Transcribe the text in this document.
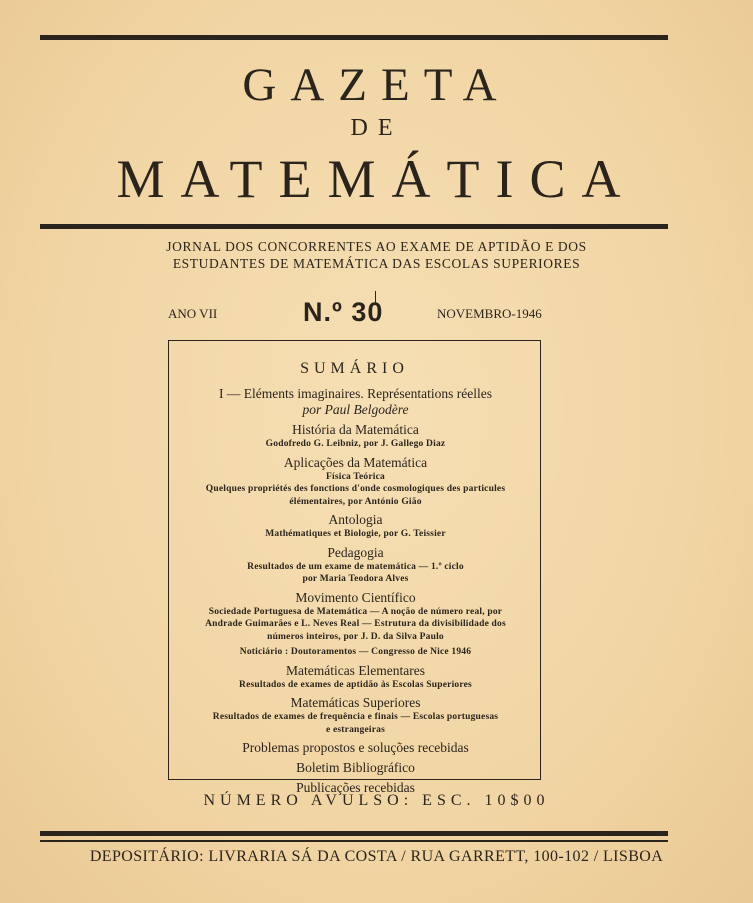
GAZETA
DE
MATEMÁTICA
JORNAL DOS CONCORRENTES AO EXAME DE APTIDÃO E DOS
ESTUDANTES DE MATEMÁTICA DAS ESCOLAS SUPERIORES
ANO VII	N.º 30	NOVEMBRO-1946
SUMÁRIO
I — Eléments imaginaires. Représentations réelles
por Paul Belgodère
História da Matemática
Godofredo G. Leibniz, por J. Gallego Diaz
Aplicações da Matemática
Física Teórica
Quelques propriétés des fonctions d'onde cosmologiques des particules
élémentaires, por António Gião
Antologia
Mathématiques et Biologie, por G. Teissier
Pedagogia
Resultados de um exame de matemática — 1.º ciclo
por Maria Teodora Alves
Movimento Científico
Sociedade Portuguesa de Matemática — A noção de número real, por
Andrade Guimarães e L. Neves Real — Estrutura da divisibilidade dos
números inteiros, por J. D. da Silva Paulo
Noticiário : Doutoramentos — Congresso de Nice 1946
Matemáticas Elementares
Resultados de exames de aptidão às Escolas Superiores
Matemáticas Superiores
Resultados de exames de frequência e finais — Escolas portuguesas
e estrangeiras
Problemas propostos e soluções recebidas
Boletim Bibliográfico
Publicações recebidas
NÚMERO AVULSO: ESC. 10$00
DEPOSITÁRIO: LIVRARIA SÁ DA COSTA / RUA GARRETT, 100-102 / LISBOA
